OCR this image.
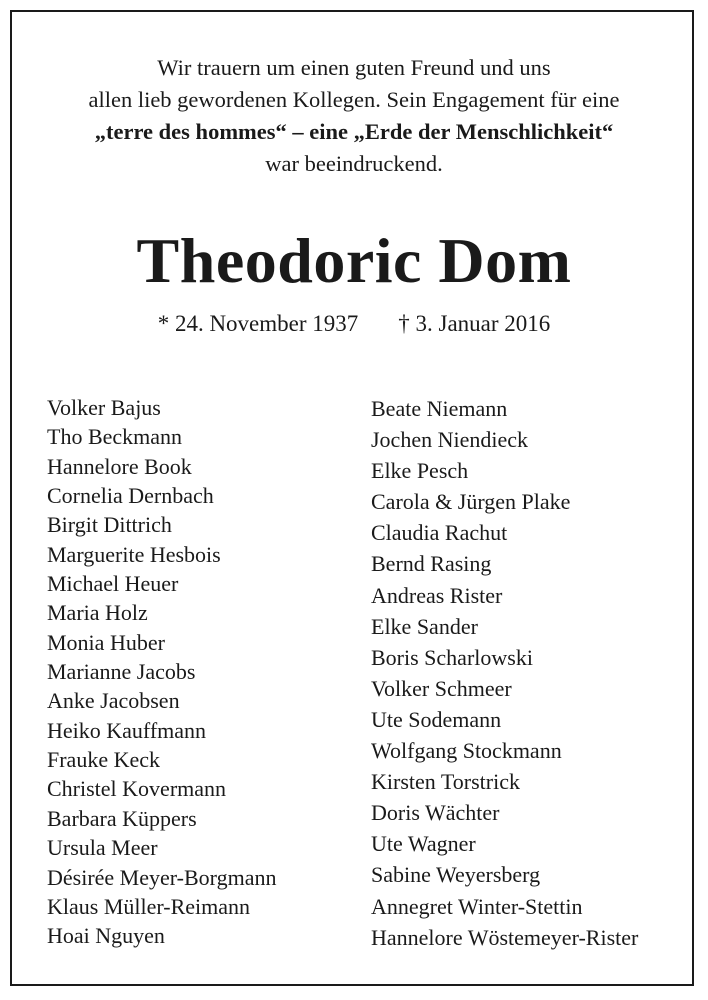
Wir trauern um einen guten Freund und uns
allen lieb gewordenen Kollegen. Sein Engagement für eine
„terre des hommes“ – eine „Erde der Menschlichkeit“
war beeindruckend.
Theodoric Dom
* 24. November 1937 † 3. Januar 2016
Volker Bajus
Tho Beckmann
Hannelore Book
Cornelia Dernbach
Birgit Dittrich
Marguerite Hesbois
Michael Heuer
Maria Holz
Monia Huber
Marianne Jacobs
Anke Jacobsen
Heiko Kauffmann
Frauke Keck
Christel Kovermann
Barbara Küppers
Ursula Meer
Désirée Meyer-Borgmann
Klaus Müller-Reimann
Hoai Nguyen
Beate Niemann
Jochen Niendieck
Elke Pesch
Carola & Jürgen Plake
Claudia Rachut
Bernd Rasing
Andreas Rister
Elke Sander
Boris Scharlowski
Volker Schmeer
Ute Sodemann
Wolfgang Stockmann
Kirsten Torstrick
Doris Wächter
Ute Wagner
Sabine Weyersberg
Annegret Winter-Stettin
Hannelore Wöstemeyer-Rister
